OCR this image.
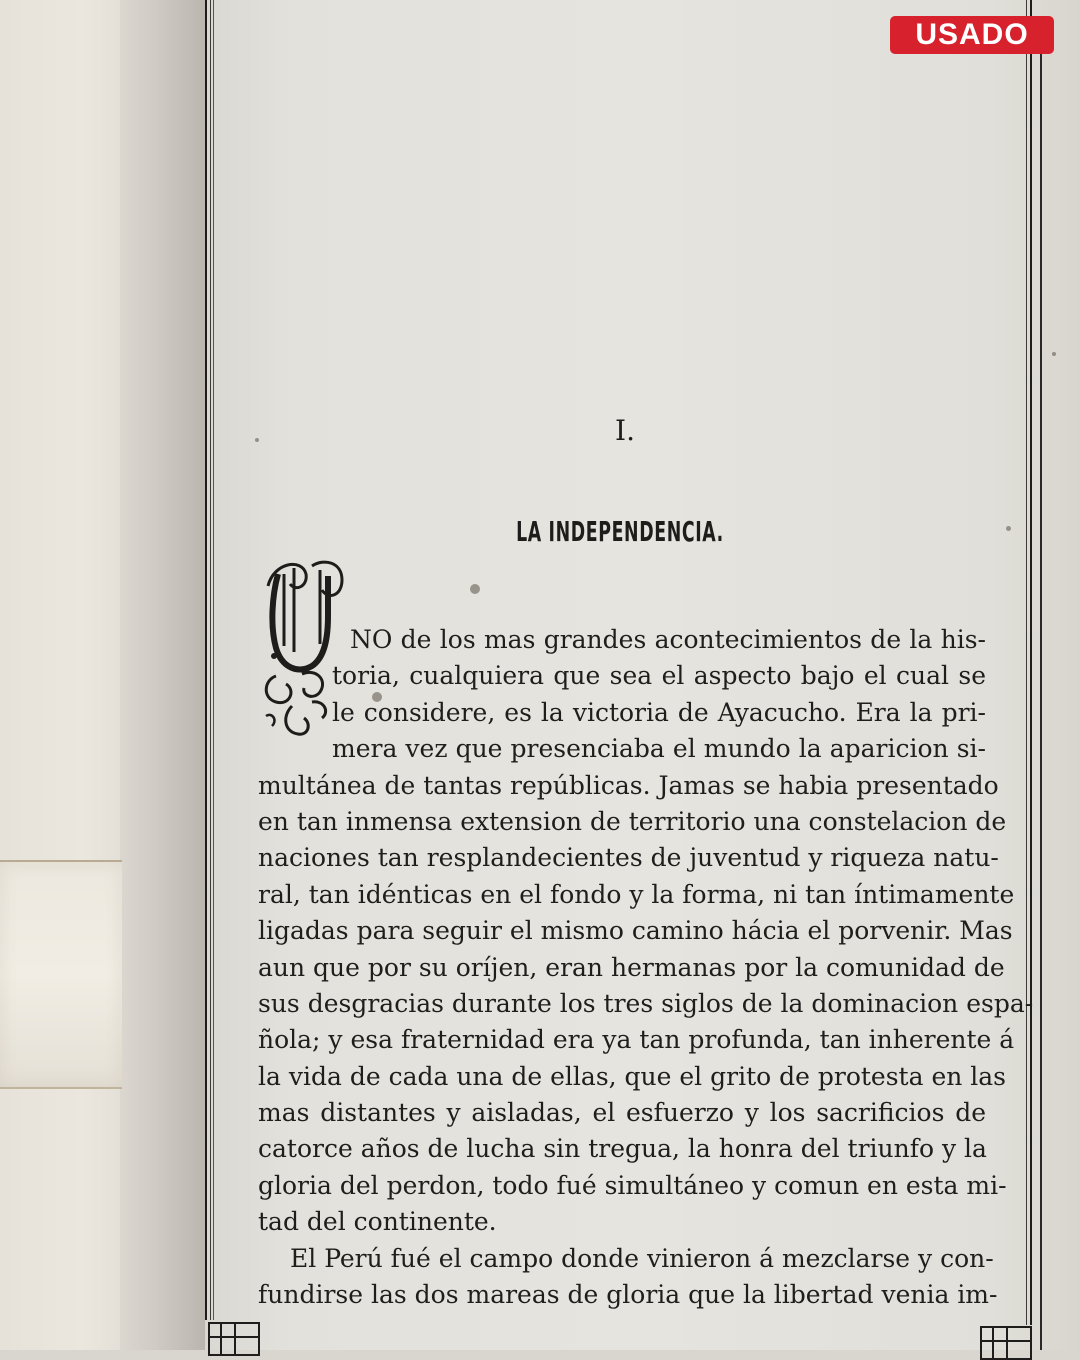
USADO
I.
LA INDEPENDENCIA.
NO de los mas grandes acontecimientos de la his-
toria, cualquiera que sea el aspecto bajo el cual se
le considere, es la victoria de Ayacucho. Era la pri-
mera vez que presenciaba el mundo la aparicion si-
multánea de tantas repúblicas. Jamas se habia presentado
en tan inmensa extension de territorio una constelacion de
naciones tan resplandecientes de juventud y riqueza natu-
ral, tan idénticas en el fondo y la forma, ni tan íntimamente
ligadas para seguir el mismo camino hácia el porvenir. Mas
aun que por su oríjen, eran hermanas por la comunidad de
sus desgracias durante los tres siglos de la dominacion espa-
ñola; y esa fraternidad era ya tan profunda, tan inherente á
la vida de cada una de ellas, que el grito de protesta en las
mas distantes y aisladas, el esfuerzo y los sacrificios de
catorce años de lucha sin tregua, la honra del triunfo y la
gloria del perdon, todo fué simultáneo y comun en esta mi-
tad del continente.
El Perú fué el campo donde vinieron á mezclarse y con-
fundirse las dos mareas de gloria que la libertad venia im-
